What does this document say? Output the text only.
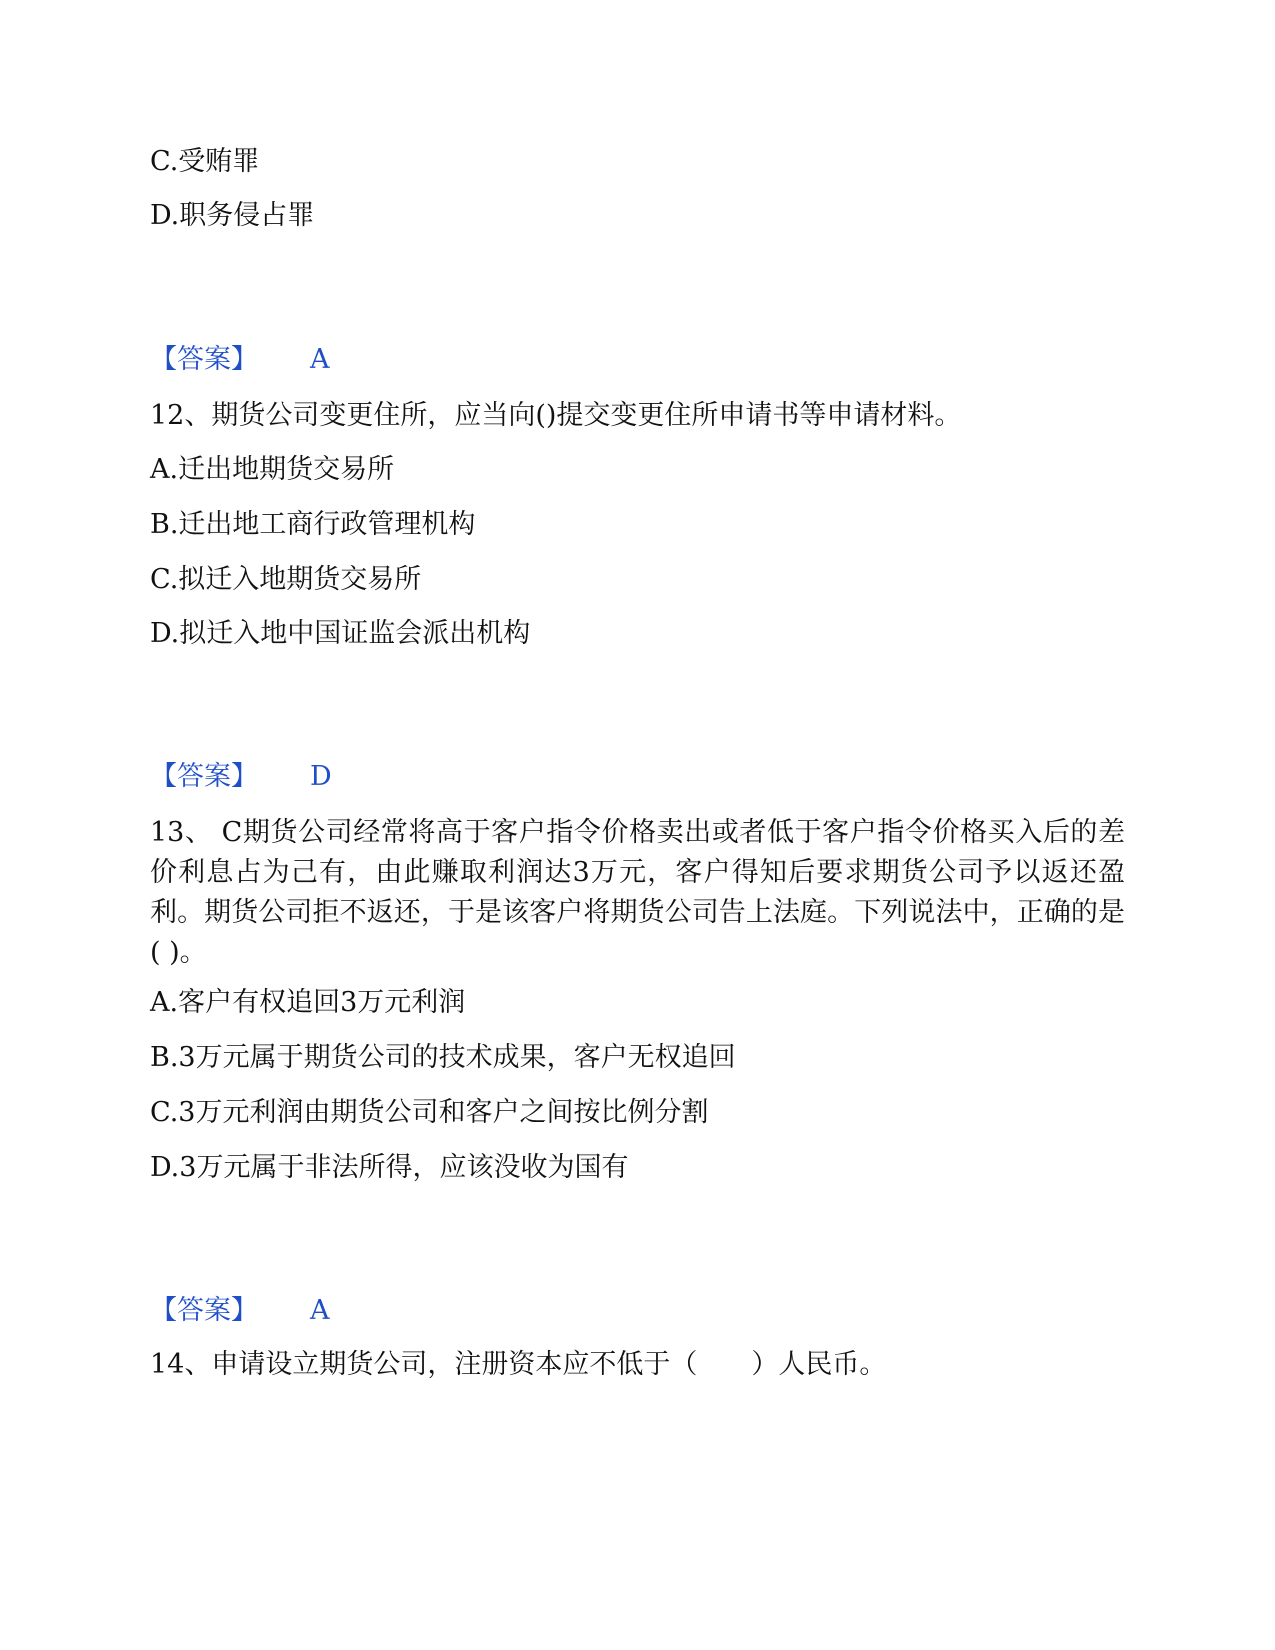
C.受贿罪

D.职务侵占罪

【答案】 A

12、期货公司变更住所，应当向()提交变更住所申请书等申请材料。

A.迁出地期货交易所

B.迁出地工商行政管理机构

C.拟迁入地期货交易所

D.拟迁入地中国证监会派出机构

【答案】 D

13、 C期货公司经常将高于客户指令价格卖出或者低于客户指令价格买入后的差价利息占为己有，由此赚取利润达3万元，客户得知后要求期货公司予以返还盈利。期货公司拒不返还，于是该客户将期货公司告上法庭。下列说法中，正确的是( )。

A.客户有权追回3万元利润

B.3万元属于期货公司的技术成果，客户无权追回

C.3万元利润由期货公司和客户之间按比例分割

D.3万元属于非法所得，应该没收为国有

【答案】 A

14、申请设立期货公司，注册资本应不低于（　　）人民币。
